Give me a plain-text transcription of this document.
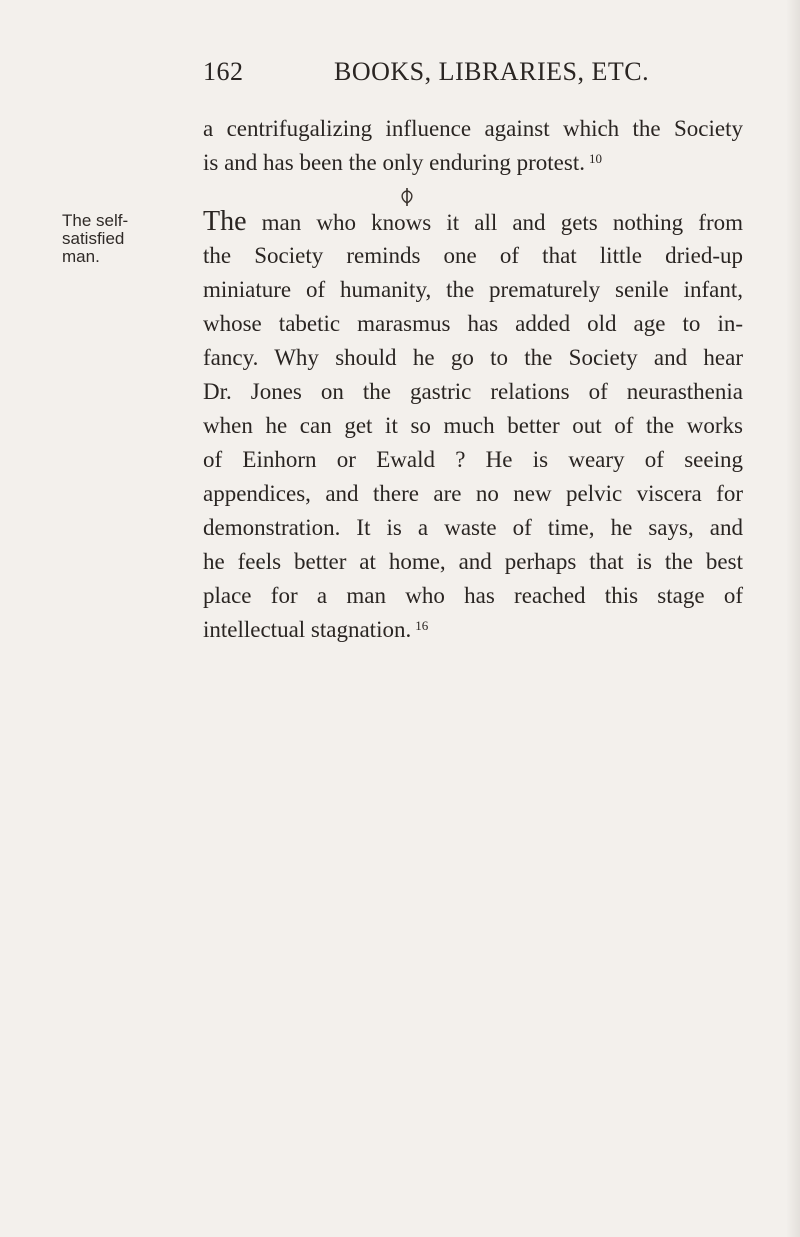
162	BOOKS, LIBRARIES, ETC.
a centrifugalizing influence against which the Society
is and has been the only enduring protest. $^{10}$
The self-
satisfied
man.
The man who knows it all and gets nothing from
the Society reminds one of that little dried-up
miniature of humanity, the prematurely senile infant,
whose tabetic marasmus has added old age to in-
fancy. Why should he go to the Society and hear
Dr. Jones on the gastric relations of neurasthenia
when he can get it so much better out of the works
of Einhorn or Ewald ? He is weary of seeing
appendices, and there are no new pelvic viscera for
demonstration. It is a waste of time, he says, and
he feels better at home, and perhaps that is the best
place for a man who has reached this stage of
intellectual stagnation. $^{16}$
